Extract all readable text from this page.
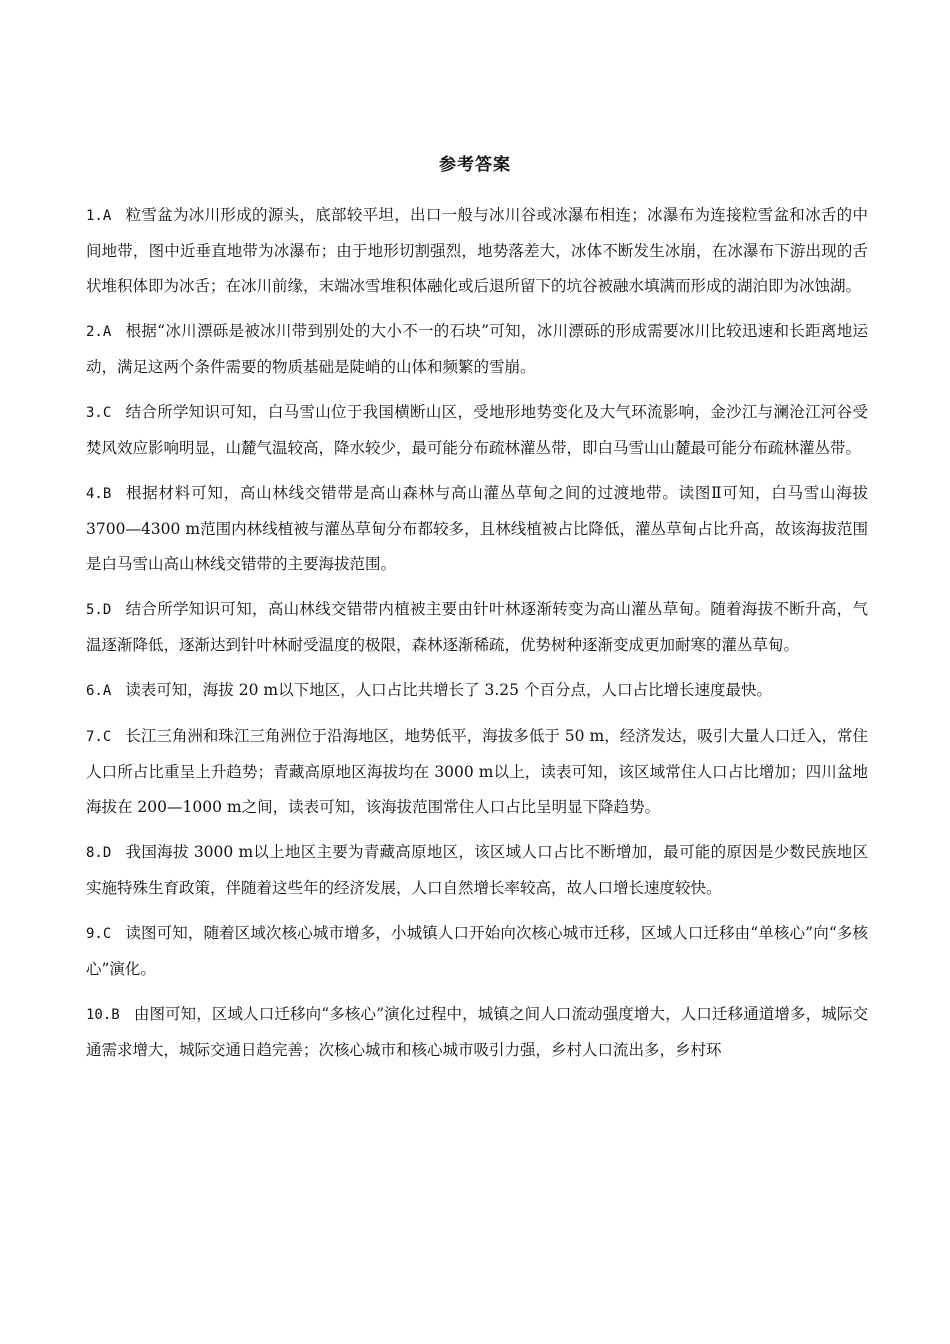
参考答案
1.A 粒雪盆为冰川形成的源头，底部较平坦，出口一般与冰川谷或冰瀑布相连；冰瀑布为连接粒雪盆和冰舌的中间地带，图中近垂直地带为冰瀑布；由于地形切割强烈，地势落差大，冰体不断发生冰崩，在冰瀑布下游出现的舌状堆积体即为冰舌；在冰川前缘，末端冰雪堆积体融化或后退所留下的坑谷被融水填满而形成的湖泊即为冰蚀湖。
2.A 根据“冰川漂砾是被冰川带到别处的大小不一的石块”可知，冰川漂砾的形成需要冰川比较迅速和长距离地运动，满足这两个条件需要的物质基础是陡峭的山体和频繁的雪崩。
3.C 结合所学知识可知，白马雪山位于我国横断山区，受地形地势变化及大气环流影响，金沙江与澜沧江河谷受焚风效应影响明显，山麓气温较高，降水较少，最可能分布疏林灌丛带，即白马雪山山麓最可能分布疏林灌丛带。
4.B 根据材料可知，高山林线交错带是高山森林与高山灌丛草甸之间的过渡地带。读图Ⅱ可知，白马雪山海拔 3700—4300 m范围内林线植被与灌丛草甸分布都较多，且林线植被占比降低，灌丛草甸占比升高，故该海拔范围是白马雪山高山林线交错带的主要海拔范围。
5.D 结合所学知识可知，高山林线交错带内植被主要由针叶林逐渐转变为高山灌丛草甸。随着海拔不断升高，气温逐渐降低，逐渐达到针叶林耐受温度的极限，森林逐渐稀疏，优势树种逐渐变成更加耐寒的灌丛草甸。
6.A 读表可知，海拔 20 m以下地区，人口占比共增长了 3.25 个百分点，人口占比增长速度最快。
7.C 长江三角洲和珠江三角洲位于沿海地区，地势低平，海拔多低于 50 m，经济发达，吸引大量人口迁入，常住人口所占比重呈上升趋势；青藏高原地区海拔均在 3000 m以上，读表可知，该区域常住人口占比增加；四川盆地海拔在 200—1000 m之间，读表可知，该海拔范围常住人口占比呈明显下降趋势。
8.D 我国海拔 3000 m以上地区主要为青藏高原地区，该区域人口占比不断增加，最可能的原因是少数民族地区实施特殊生育政策，伴随着这些年的经济发展，人口自然增长率较高，故人口增长速度较快。
9.C 读图可知，随着区域次核心城市增多，小城镇人口开始向次核心城市迁移，区域人口迁移由“单核心”向“多核心”演化。
10.B 由图可知，区域人口迁移向“多核心”演化过程中，城镇之间人口流动强度增大，人口迁移通道增多，城际交通需求增大，城际交通日趋完善；次核心城市和核心城市吸引力强，乡村人口流出多，乡村环
